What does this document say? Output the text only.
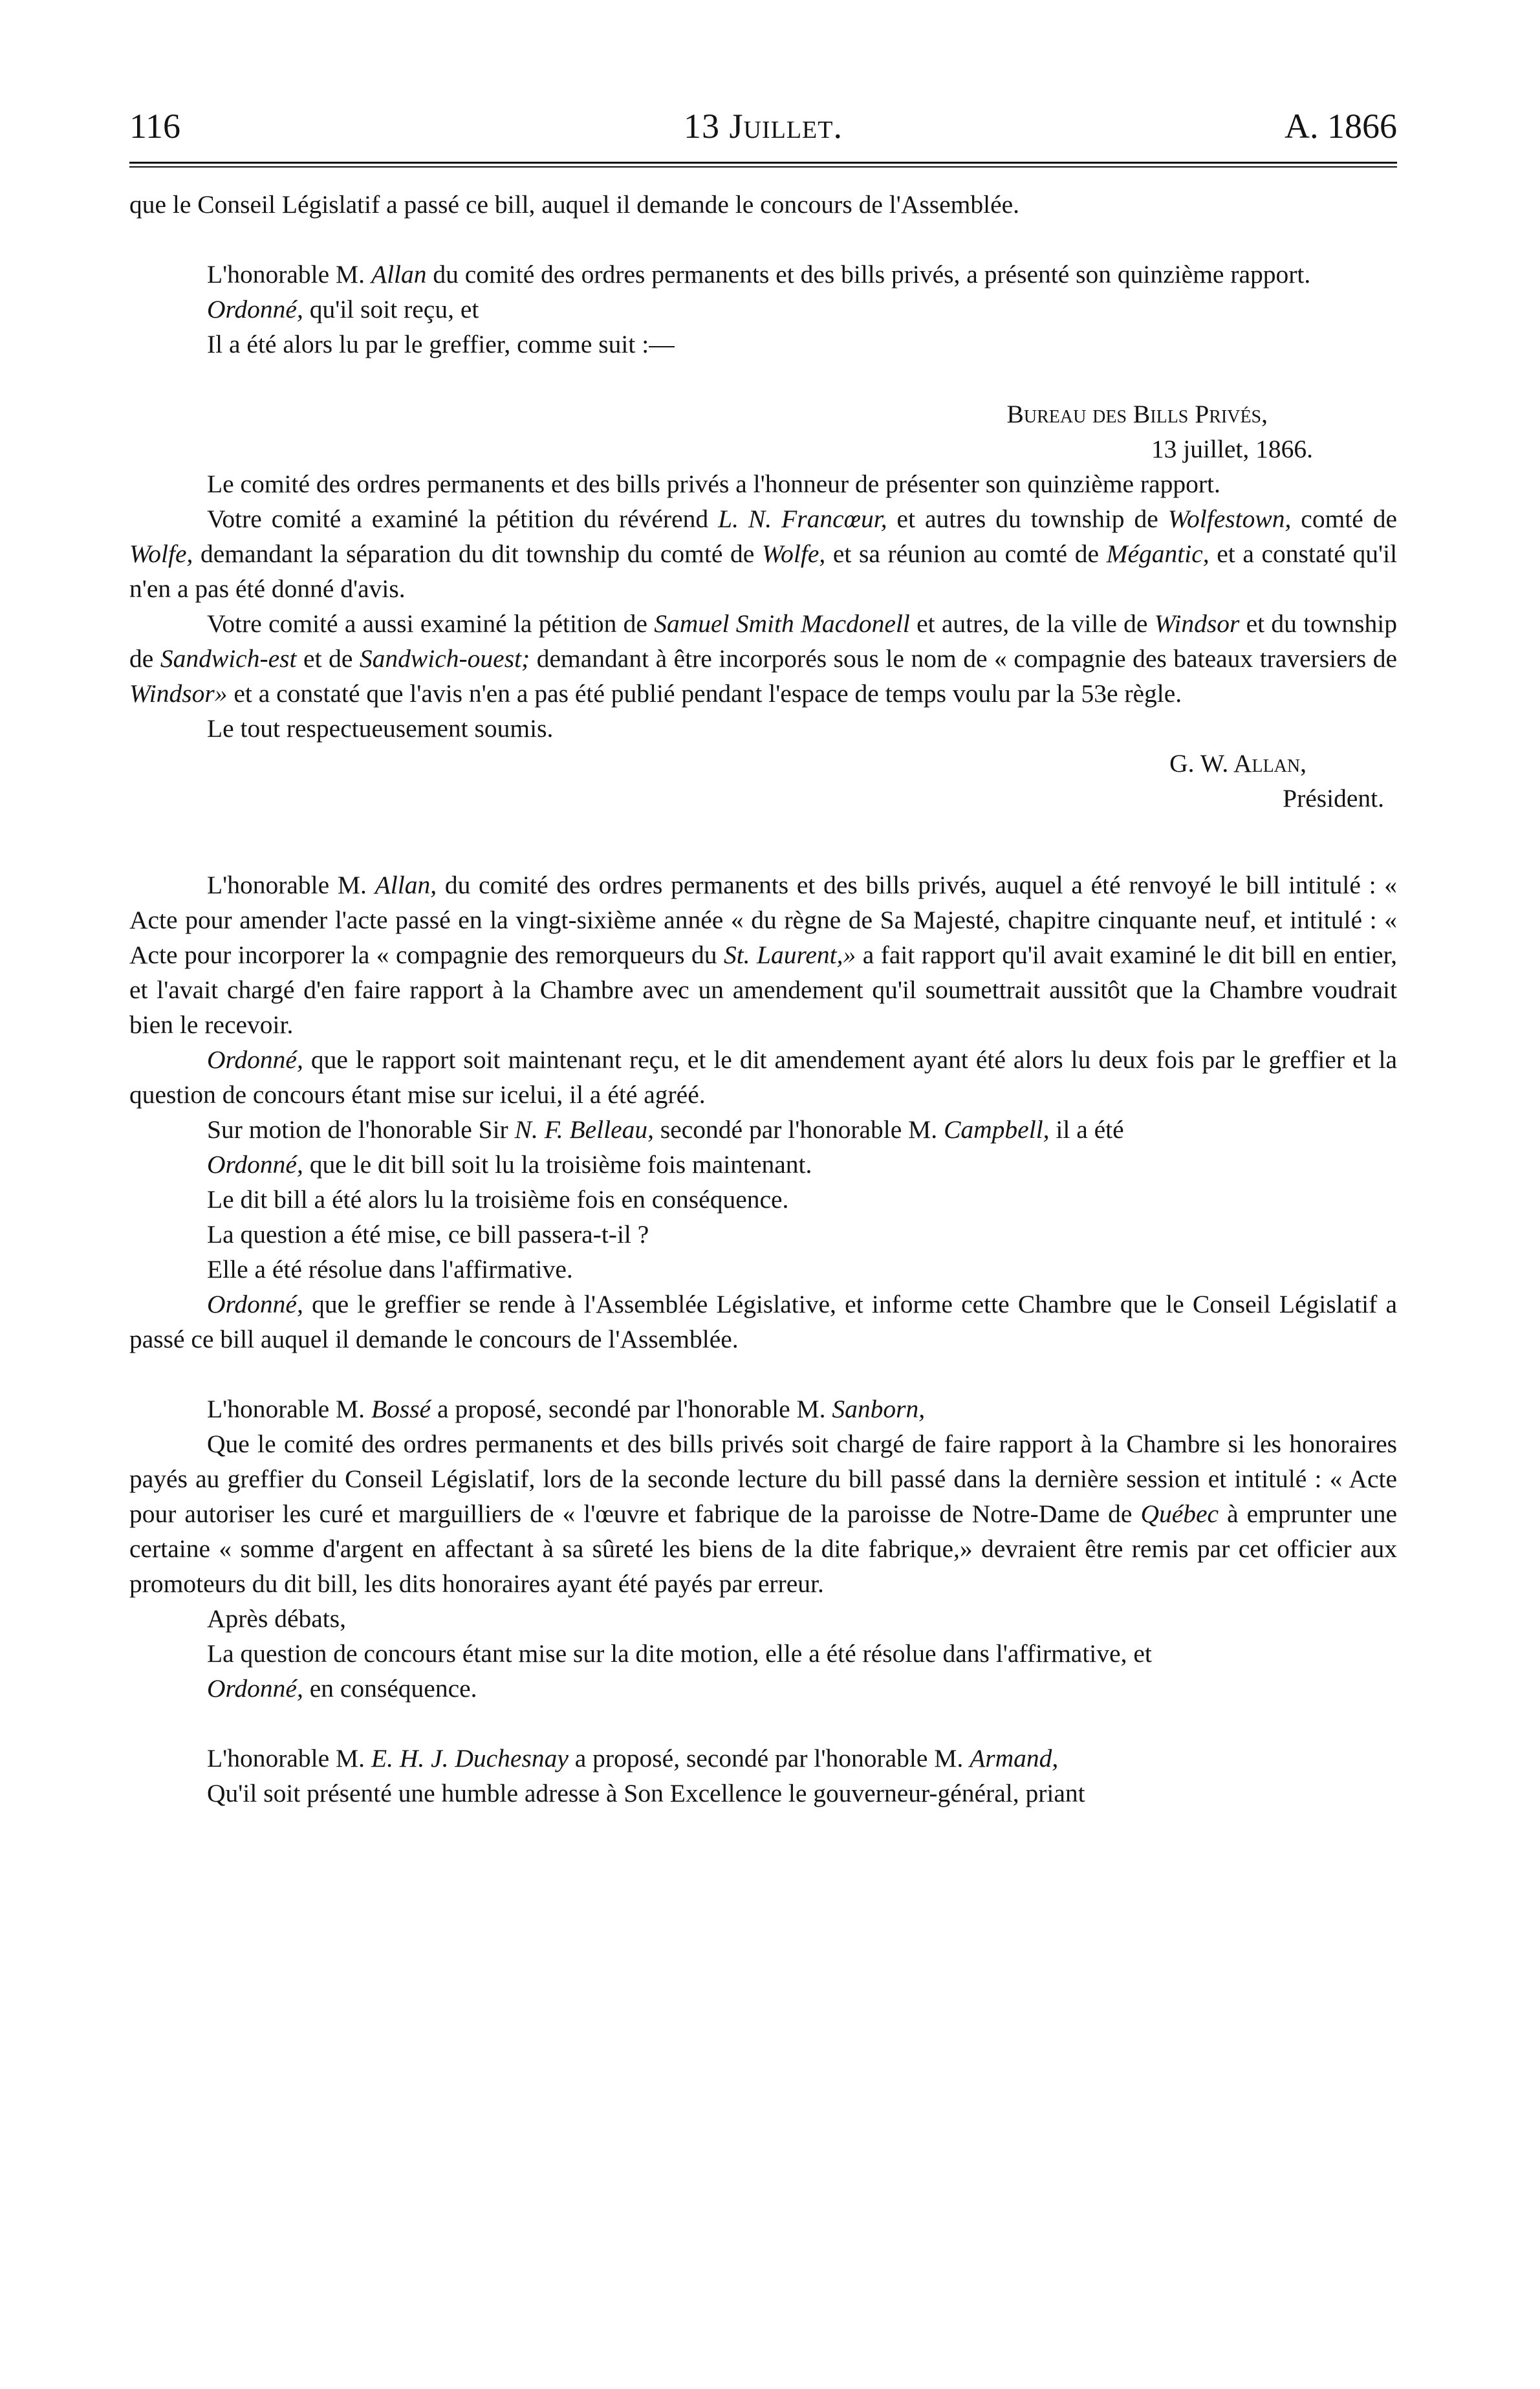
116	13 Juillet.	A. 1866

que le Conseil Législatif a passé ce bill, auquel il demande le concours de l'Assemblée.

L'honorable M. Allan du comité des ordres permanents et des bills privés, a présenté son quinzième rapport.

Ordonné, qu'il soit reçu, et

Il a été alors lu par le greffier, comme suit :—

Bureau des Bills Privés,

13 juillet, 1866.

Le comité des ordres permanents et des bills privés a l'honneur de présenter son quinzième rapport.

Votre comité a examiné la pétition du révérend L. N. Francœur, et autres du township de Wolfestown, comté de Wolfe, demandant la séparation du dit township du comté de Wolfe, et sa réunion au comté de Mégantic, et a constaté qu'il n'en a pas été donné d'avis.

Votre comité a aussi examiné la pétition de Samuel Smith Macdonell et autres, de la ville de Windsor et du township de Sandwich-est et de Sandwich-ouest; demandant à être incorporés sous le nom de « compagnie des bateaux traversiers de Windsor» et a constaté que l'avis n'en a pas été publié pendant l'espace de temps voulu par la 53e règle.

Le tout respectueusement soumis.

G. W. Allan,

Président.

L'honorable M. Allan, du comité des ordres permanents et des bills privés, auquel a été renvoyé le bill intitulé : « Acte pour amender l'acte passé en la vingt-sixième année « du règne de Sa Majesté, chapitre cinquante neuf, et intitulé : « Acte pour incorporer la « compagnie des remorqueurs du St. Laurent,» a fait rapport qu'il avait examiné le dit bill en entier, et l'avait chargé d'en faire rapport à la Chambre avec un amendement qu'il soumettrait aussitôt que la Chambre voudrait bien le recevoir.

Ordonné, que le rapport soit maintenant reçu, et le dit amendement ayant été alors lu deux fois par le greffier et la question de concours étant mise sur icelui, il a été agréé.

Sur motion de l'honorable Sir N. F. Belleau, secondé par l'honorable M. Campbell, il a été

Ordonné, que le dit bill soit lu la troisième fois maintenant.

Le dit bill a été alors lu la troisième fois en conséquence.

La question a été mise, ce bill passera-t-il ?

Elle a été résolue dans l'affirmative.

Ordonné, que le greffier se rende à l'Assemblée Législative, et informe cette Chambre que le Conseil Législatif a passé ce bill auquel il demande le concours de l'Assemblée.

L'honorable M. Bossé a proposé, secondé par l'honorable M. Sanborn,

Que le comité des ordres permanents et des bills privés soit chargé de faire rapport à la Chambre si les honoraires payés au greffier du Conseil Législatif, lors de la seconde lecture du bill passé dans la dernière session et intitulé : « Acte pour autoriser les curé et marguilliers de « l'œuvre et fabrique de la paroisse de Notre-Dame de Québec à emprunter une certaine « somme d'argent en affectant à sa sûreté les biens de la dite fabrique,» devraient être remis par cet officier aux promoteurs du dit bill, les dits honoraires ayant été payés par erreur.

Après débats,

La question de concours étant mise sur la dite motion, elle a été résolue dans l'affirmative, et

Ordonné, en conséquence.

L'honorable M. E. H. J. Duchesnay a proposé, secondé par l'honorable M. Armand,

Qu'il soit présenté une humble adresse à Son Excellence le gouverneur-général, priant
